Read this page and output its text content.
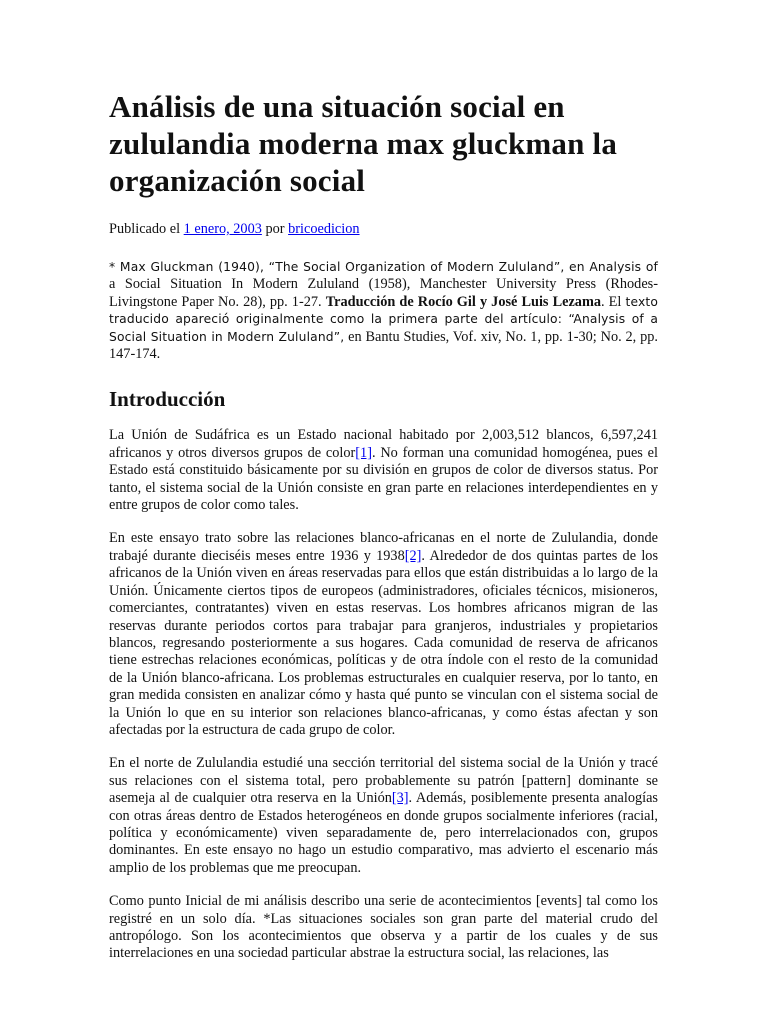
Análisis de una situación social en zululandia moderna max gluckman la organización social
Publicado el 1 enero, 2003 por bricoedicion

* Max Gluckman (1940), “The Social Organization of Modern Zululand”, en Analysis of a Social Situation In Modern Zululand (1958), Manchester University Press (Rhodes-Livingstone Paper No. 28), pp. 1-27. Traducción de Rocío Gil y José Luis Lezama. El texto traducido apareció originalmente como la primera parte del artículo: “Analysis of a Social Situation in Modern Zululand”, en Bantu Studies, Vof. xiv, No. 1, pp. 1-30; No. 2, pp. 147-174.

Introducción

La Unión de Sudáfrica es un Estado nacional habitado por 2,003,512 blancos, 6,597,241 africanos y otros diversos grupos de color[1]. No forman una comunidad homogénea, pues el Estado está constituido básicamente por su división en grupos de color de diversos status. Por tanto, el sistema social de la Unión consiste en gran parte en relaciones interdependientes en y entre grupos de color como tales.

En este ensayo trato sobre las relaciones blanco-africanas en el norte de Zululandia, donde trabajé durante dieciséis meses entre 1936 y 1938[2]. Alrededor de dos quintas partes de los africanos de la Unión viven en áreas reservadas para ellos que están distribuidas a lo largo de la Unión. Únicamente ciertos tipos de europeos (administradores, oficiales técnicos, misioneros, comerciantes, contratantes) viven en estas reservas. Los hombres africanos migran de las reservas durante periodos cortos para trabajar para granjeros, industriales y propietarios blancos, regresando posteriormente a sus hogares. Cada comunidad de reserva de africanos tiene estrechas relaciones económicas, políticas y de otra índole con el resto de la comunidad de la Unión blanco-africana. Los problemas estructurales en cualquier reserva, por lo tanto, en gran medida consisten en analizar cómo y hasta qué punto se vinculan con el sistema social de la Unión lo que en su interior son relaciones blanco-africanas, y como éstas afectan y son afectadas por la estructura de cada grupo de color.

En el norte de Zululandia estudié una sección territorial del sistema social de la Unión y tracé sus relaciones con el sistema total, pero probablemente su patrón [pattern] dominante se asemeja al de cualquier otra reserva en la Unión[3]. Además, posiblemente presenta analogías con otras áreas dentro de Estados heterogéneos en donde grupos socialmente inferiores (racial, política y económicamente) viven separadamente de, pero interrelacionados con, grupos dominantes. En este ensayo no hago un estudio comparativo, mas advierto el escenario más amplio de los problemas que me preocupan.

Como punto Inicial de mi análisis describo una serie de acontecimientos [events] tal como los registré en un solo día. *Las situaciones sociales son gran parte del material crudo del antropólogo. Son los acontecimientos que observa y a partir de los cuales y de sus interrelaciones en una sociedad particular abstrae la estructura social, las relaciones, las
